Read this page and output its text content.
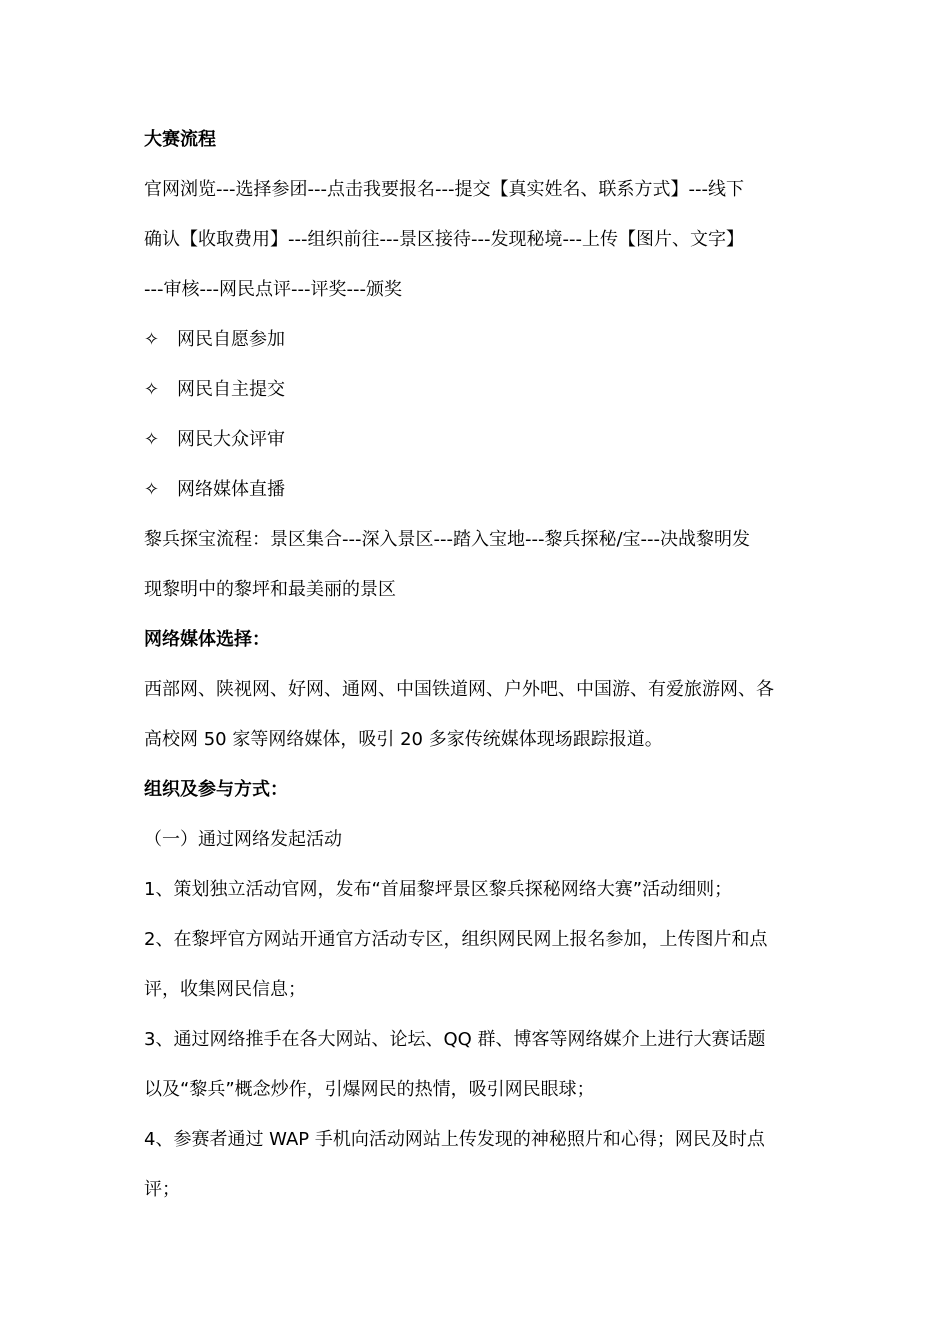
大赛流程
官网浏览---选择参团---点击我要报名---提交【真实姓名、联系方式】---线下
确认【收取费用】---组织前往---景区接待---发现秘境---上传【图片、文字】
---审核---网民点评---评奖---颁奖
✧ 网民自愿参加
✧ 网民自主提交
✧ 网民大众评审
✧ 网络媒体直播
黎兵探宝流程：景区集合---深入景区---踏入宝地---黎兵探秘/宝---决战黎明发
现黎明中的黎坪和最美丽的景区
网络媒体选择：
西部网、陕视网、好网、通网、中国铁道网、户外吧、中国游、有爱旅游网、各
高校网 50 家等网络媒体，吸引 20 多家传统媒体现场跟踪报道。
组织及参与方式：
（一）通过网络发起活动
1、策划独立活动官网，发布“首届黎坪景区黎兵探秘网络大赛”活动细则；
2、在黎坪官方网站开通官方活动专区，组织网民网上报名参加，上传图片和点
评，收集网民信息；
3、通过网络推手在各大网站、论坛、QQ 群、博客等网络媒介上进行大赛话题
以及“黎兵”概念炒作，引爆网民的热情，吸引网民眼球；
4、参赛者通过 WAP 手机向活动网站上传发现的神秘照片和心得；网民及时点
评；
